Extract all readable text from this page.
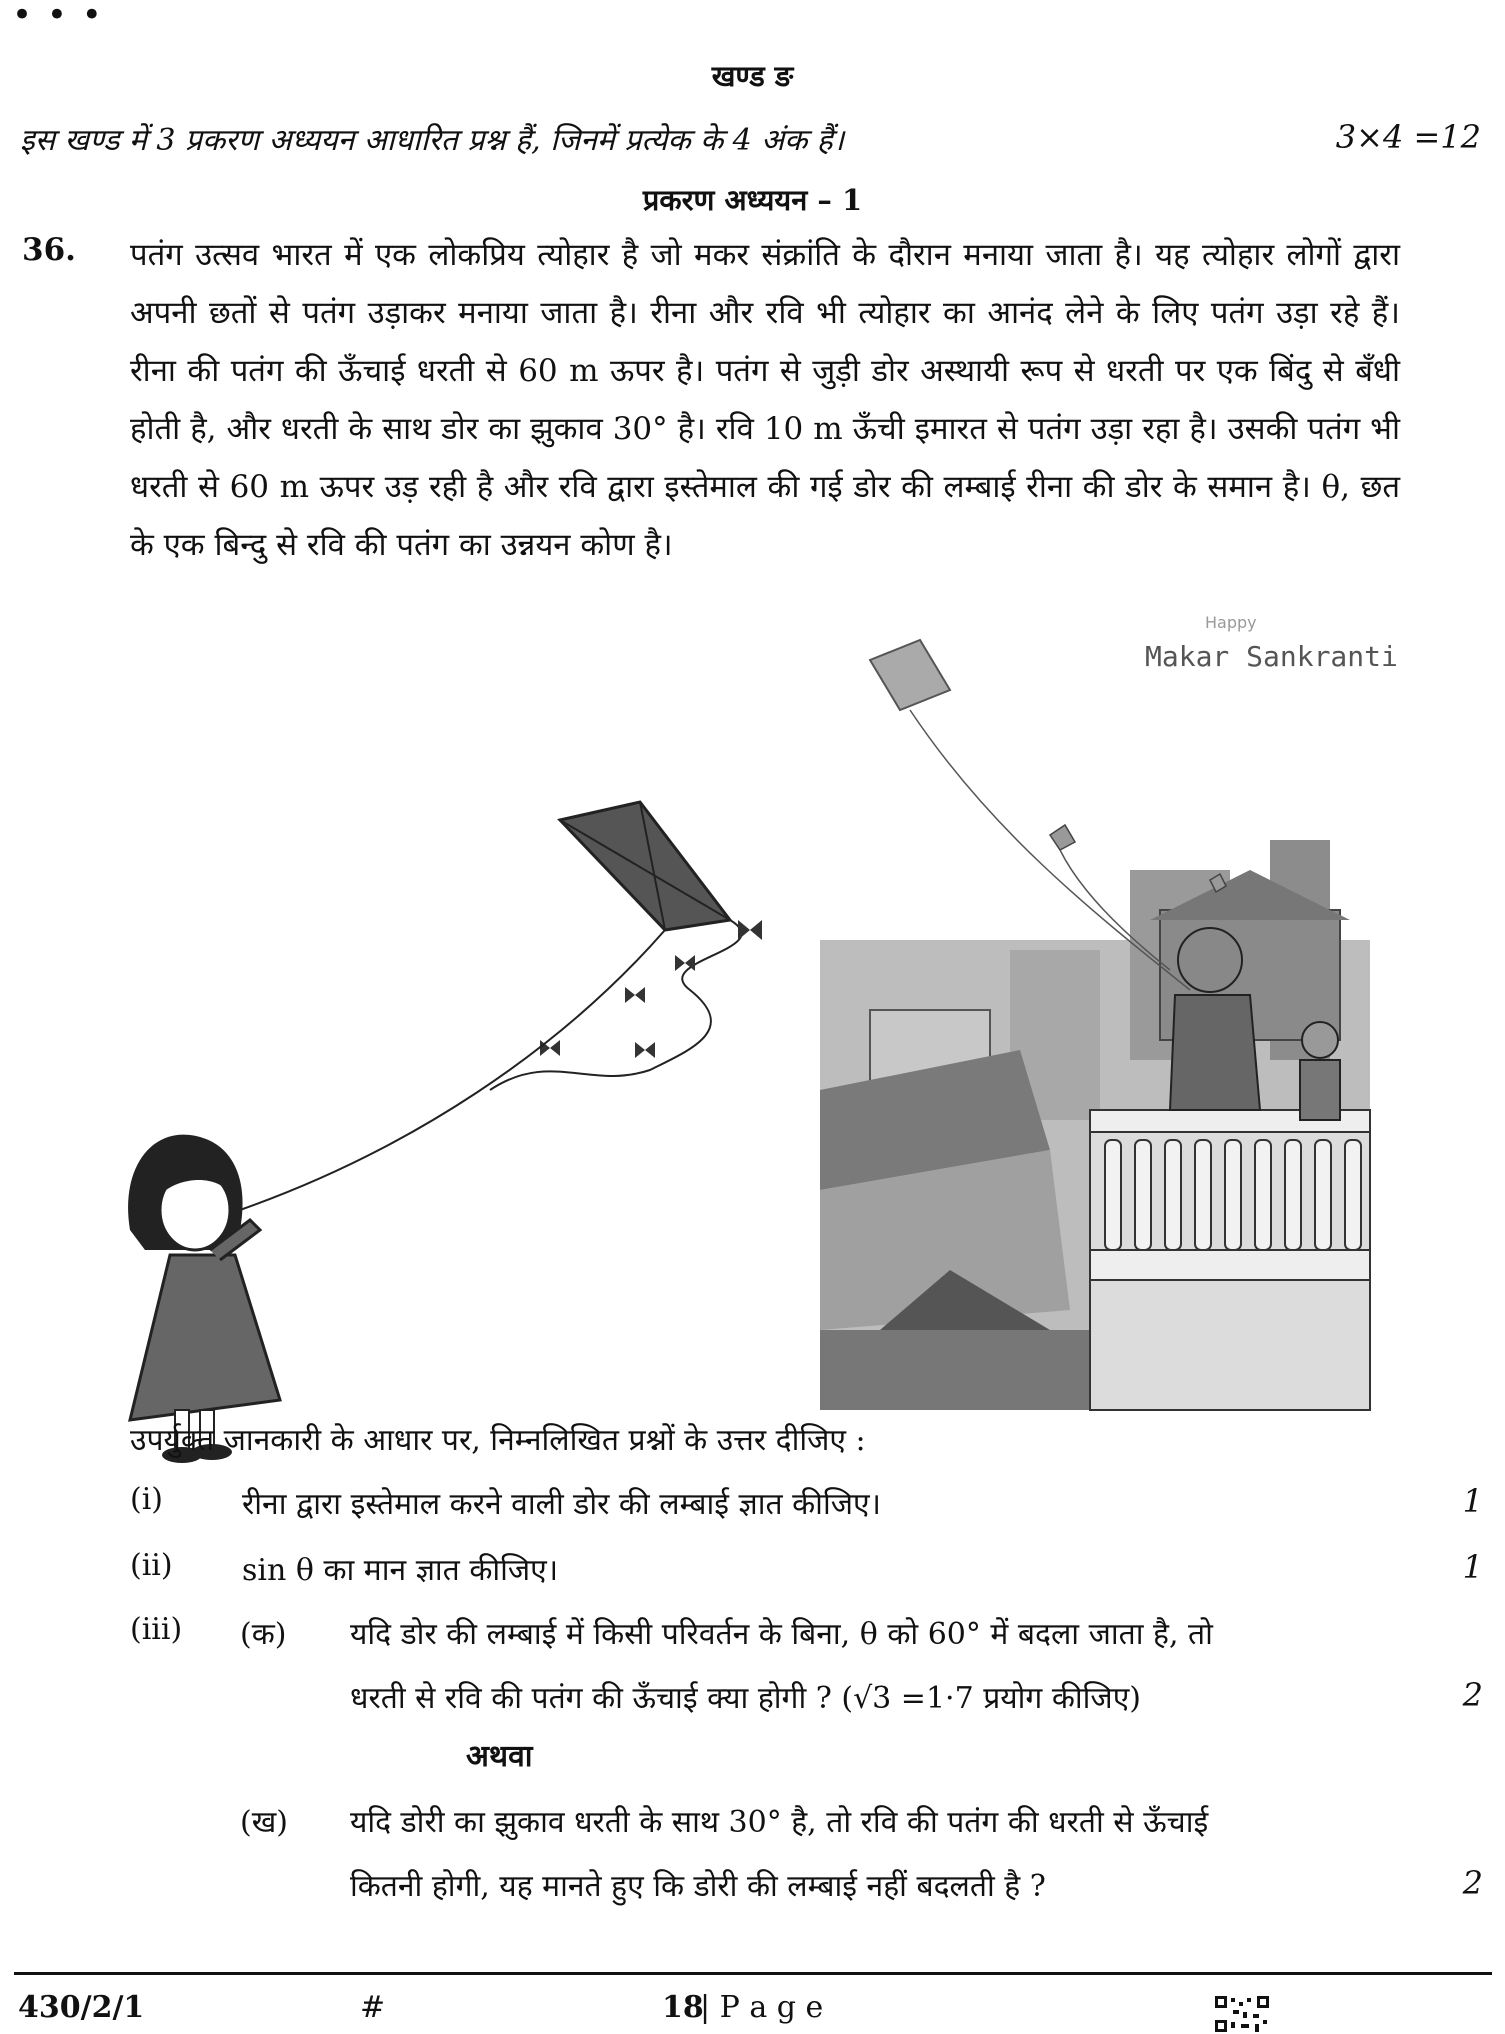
• • •
खण्ड ङ
इस खण्ड में 3 प्रकरण अध्ययन आधारित प्रश्न हैं, जिनमें प्रत्येक के 4 अंक हैं।	3×4 =12
प्रकरण अध्ययन – 1
36. पतंग उत्सव भारत में एक लोकप्रिय त्योहार है जो मकर संक्रांति के दौरान मनाया जाता है। यह त्योहार लोगों द्वारा अपनी छतों से पतंग उड़ाकर मनाया जाता है। रीना और रवि भी त्योहार का आनंद लेने के लिए पतंग उड़ा रहे हैं। रीना की पतंग की ऊँचाई धरती से 60 m ऊपर है। पतंग से जुड़ी डोर अस्थायी रूप से धरती पर एक बिंदु से बँधी होती है, और धरती के साथ डोर का झुकाव 30° है। रवि 10 m ऊँची इमारत से पतंग उड़ा रहा है। उसकी पतंग भी धरती से 60 m ऊपर उड़ रही है और रवि द्वारा इस्तेमाल की गई डोर की लम्बाई रीना की डोर के समान है। θ, छत के एक बिन्दु से रवि की पतंग का उन्नयन कोण है।
Happy
Makar Sankranti
उपर्युक्त जानकारी के आधार पर, निम्नलिखित प्रश्नों के उत्तर दीजिए :
(i)	रीना द्वारा इस्तेमाल करने वाली डोर की लम्बाई ज्ञात कीजिए।	1
(ii) sin θ का मान ज्ञात कीजिए।	1
(iii) (क) यदि डोर की लम्बाई में किसी परिवर्तन के बिना, θ को 60° में बदला जाता है, तो
धरती से रवि की पतंग की ऊँचाई क्या होगी ? (√3 =1·7 प्रयोग कीजिए)	2
अथवा
(ख) यदि डोरी का झुकाव धरती के साथ 30° है, तो रवि की पतंग की धरती से ऊँचाई
कितनी होगी, यह मानते हुए कि डोरी की लम्बाई नहीं बदलती है ?	2
430/2/1	#	18
| P a g e
